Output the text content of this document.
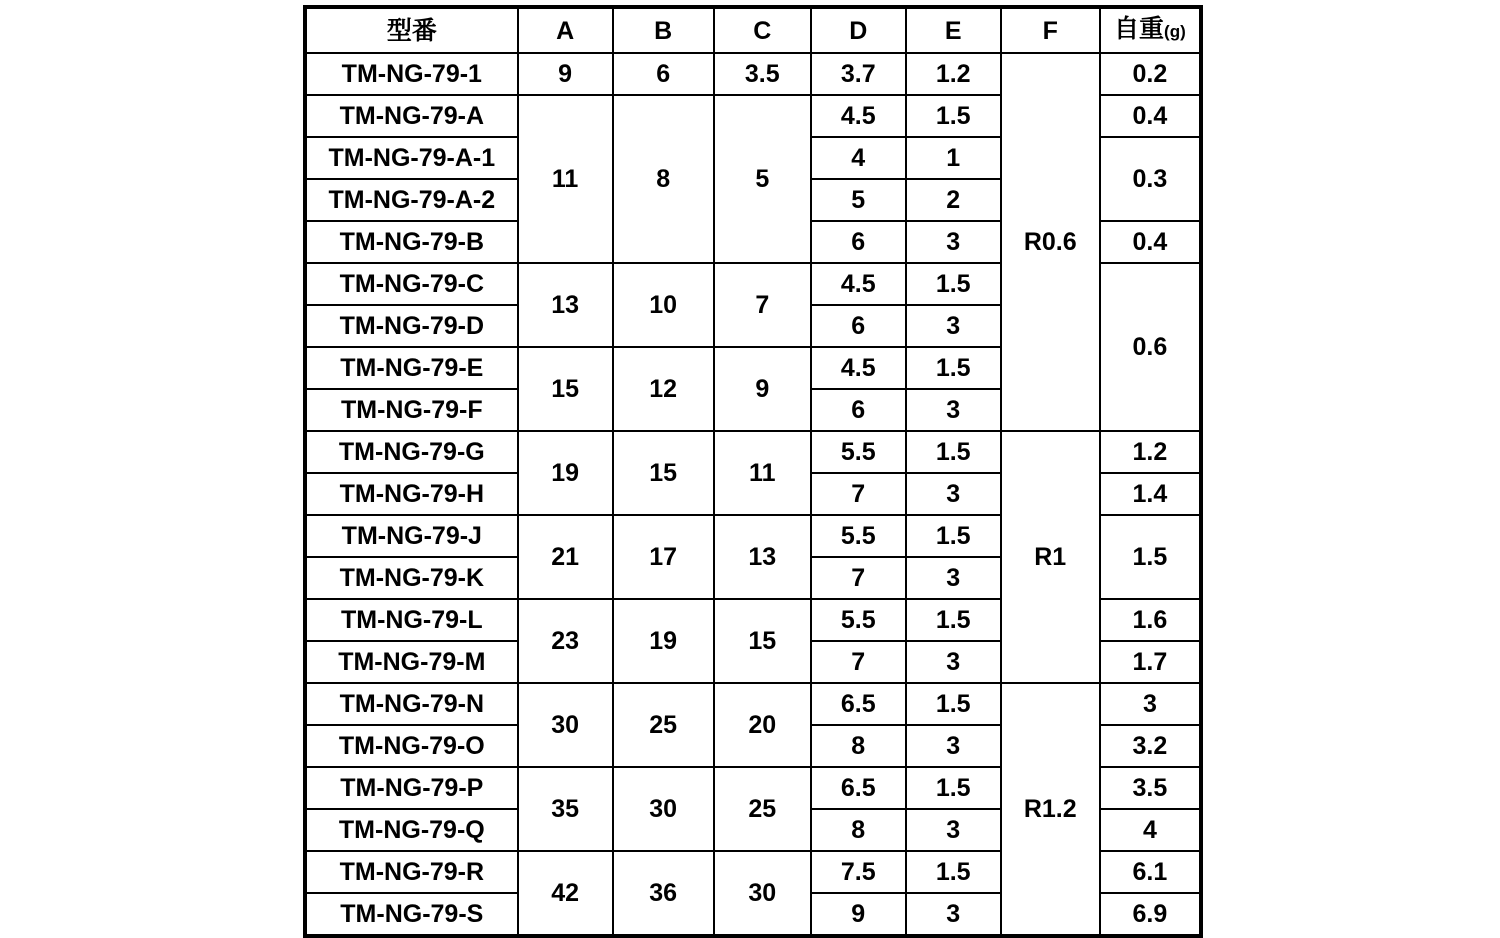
型番	A	B	C	D	E	F	自重(g)
TM-NG-79-1	9	6	3.5	3.7	1.2	R0.6	0.2
TM-NG-79-A	11	8	5	4.5	1.5		0.4
TM-NG-79-A-1				4	1		0.3
TM-NG-79-A-2				5	2		
TM-NG-79-B				6	3		0.4
TM-NG-79-C	13	10	7	4.5	1.5		0.6
TM-NG-79-D				6	3		
TM-NG-79-E	15	12	9	4.5	1.5		
TM-NG-79-F				6	3		
TM-NG-79-G	19	15	11	5.5	1.5	R1	1.2
TM-NG-79-H				7	3		1.4
TM-NG-79-J	21	17	13	5.5	1.5		1.5
TM-NG-79-K				7	3		
TM-NG-79-L	23	19	15	5.5	1.5		1.6
TM-NG-79-M				7	3		1.7
TM-NG-79-N	30	25	20	6.5	1.5	R1.2	3
TM-NG-79-O				8	3		3.2
TM-NG-79-P	35	30	25	6.5	1.5		3.5
TM-NG-79-Q				8	3		4
TM-NG-79-R	42	36	30	7.5	1.5		6.1
TM-NG-79-S				9	3		6.9
